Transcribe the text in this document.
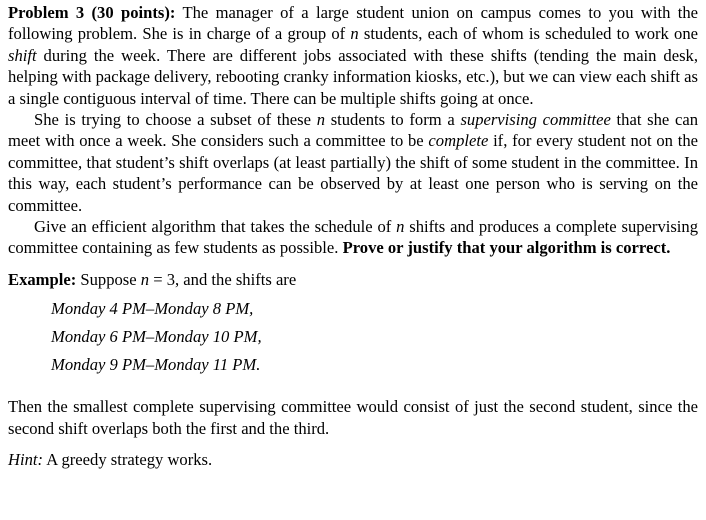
Problem 3 (30 points): The manager of a large student union on campus comes to you with the following problem. She is in charge of a group of n students, each of whom is scheduled to work one shift during the week. There are different jobs associated with these shifts (tending the main desk, helping with package delivery, rebooting cranky information kiosks, etc.), but we can view each shift as a single contiguous interval of time. There can be multiple shifts going at once.

She is trying to choose a subset of these n students to form a supervising committee that she can meet with once a week. She considers such a committee to be complete if, for every student not on the committee, that student’s shift overlaps (at least partially) the shift of some student in the committee. In this way, each student’s performance can be observed by at least one person who is serving on the committee.

Give an efficient algorithm that takes the schedule of n shifts and produces a complete supervising committee containing as few students as possible. Prove or justify that your algorithm is correct.

Example: Suppose n = 3, and the shifts are

Monday 4 PM–Monday 8 PM,

Monday 6 PM–Monday 10 PM,

Monday 9 PM–Monday 11 PM.

Then the smallest complete supervising committee would consist of just the second student, since the second shift overlaps both the first and the third.

Hint: A greedy strategy works.
